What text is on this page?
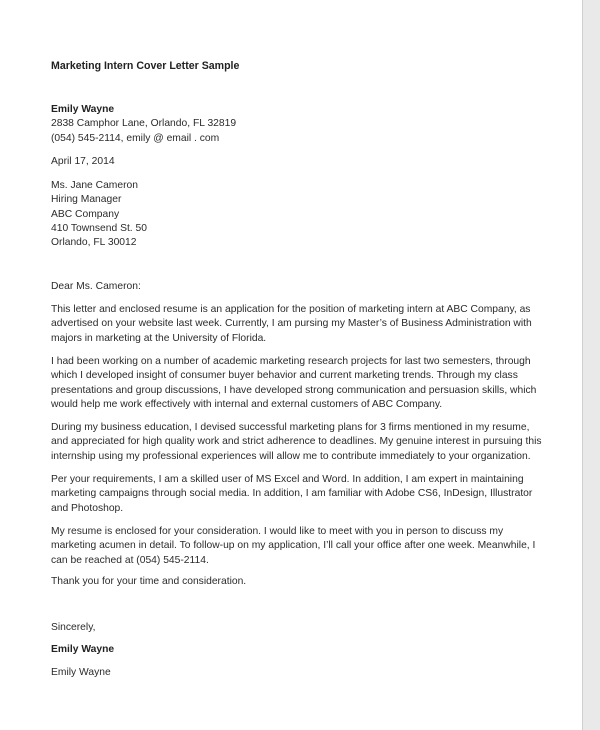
Marketing Intern Cover Letter Sample
Emily Wayne
2838 Camphor Lane, Orlando, FL 32819
(054) 545-2114, emily @ email . com
April 17, 2014
Ms. Jane Cameron
Hiring Manager
ABC Company
410 Townsend St. 50
Orlando, FL 30012
Dear Ms. Cameron:
This letter and enclosed resume is an application for the position of marketing intern at ABC Company, as
advertised on your website last week. Currently, I am pursing my Master’s of Business Administration with
majors in marketing at the University of Florida.
I had been working on a number of academic marketing research projects for last two semesters, through
which I developed insight of consumer buyer behavior and current marketing trends. Through my class
presentations and group discussions, I have developed strong communication and persuasion skills, which
would help me work effectively with internal and external customers of ABC Company.
During my business education, I devised successful marketing plans for 3 firms mentioned in my resume,
and appreciated for high quality work and strict adherence to deadlines. My genuine interest in pursuing this
internship using my professional experiences will allow me to contribute immediately to your organization.
Per your requirements, I am a skilled user of MS Excel and Word. In addition, I am expert in maintaining
marketing campaigns through social media. In addition, I am familiar with Adobe CS6, InDesign, Illustrator
and Photoshop.
My resume is enclosed for your consideration. I would like to meet with you in person to discuss my
marketing acumen in detail. To follow-up on my application, I’ll call your office after one week. Meanwhile, I
can be reached at (054) 545-2114.
Thank you for your time and consideration.
Sincerely,
Emily Wayne
Emily Wayne
